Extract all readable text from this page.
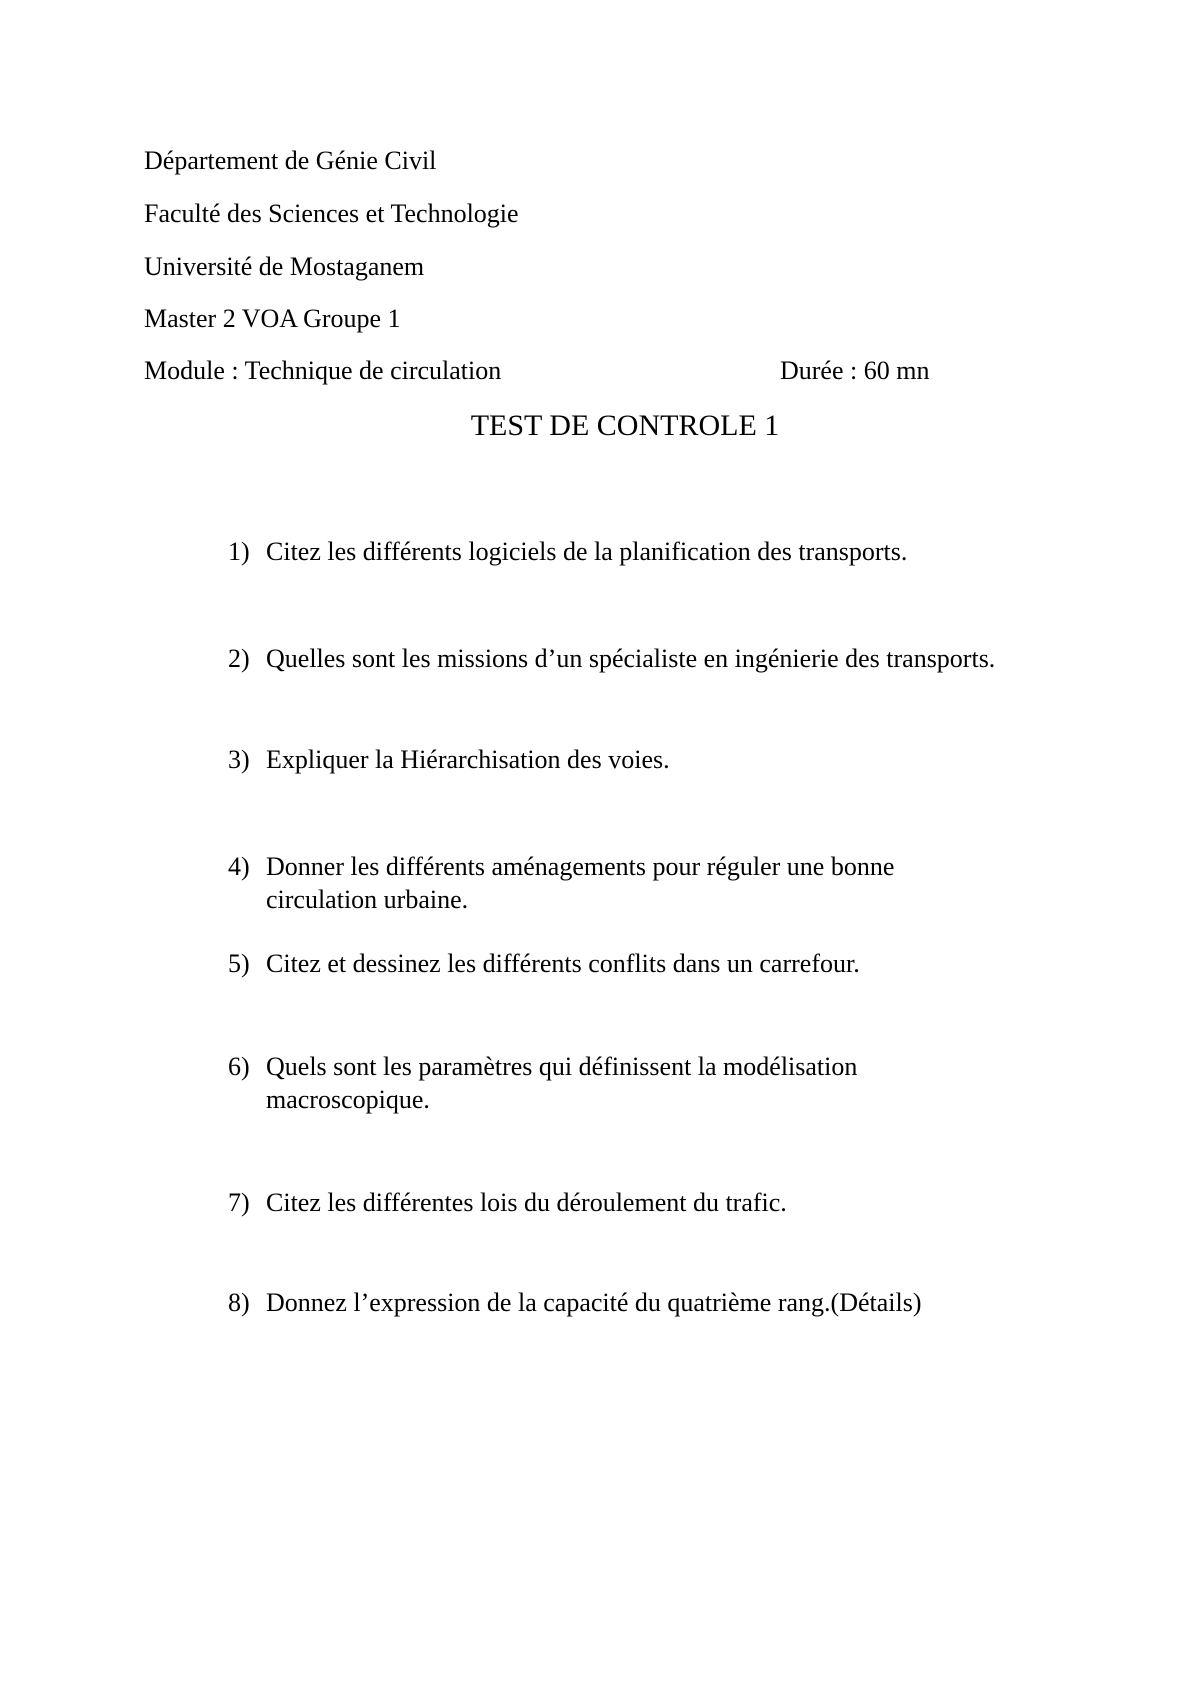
Département de Génie Civil
Faculté des Sciences et Technologie
Université de Mostaganem
Master 2 VOA Groupe 1
Module : Technique de circulation	Durée : 60 mn
TEST DE CONTROLE 1
1) Citez les différents logiciels de la planification des transports.
2) Quelles sont les missions d’un spécialiste en ingénierie des transports.
3) Expliquer la Hiérarchisation des voies.
4) Donner les différents aménagements pour réguler une bonne circulation urbaine.
5) Citez et dessinez les différents conflits dans un carrefour.
6) Quels sont les paramètres qui définissent la modélisation macroscopique.
7) Citez les différentes lois du déroulement du trafic.
8) Donnez l’expression de la capacité du quatrième rang.(Détails)
